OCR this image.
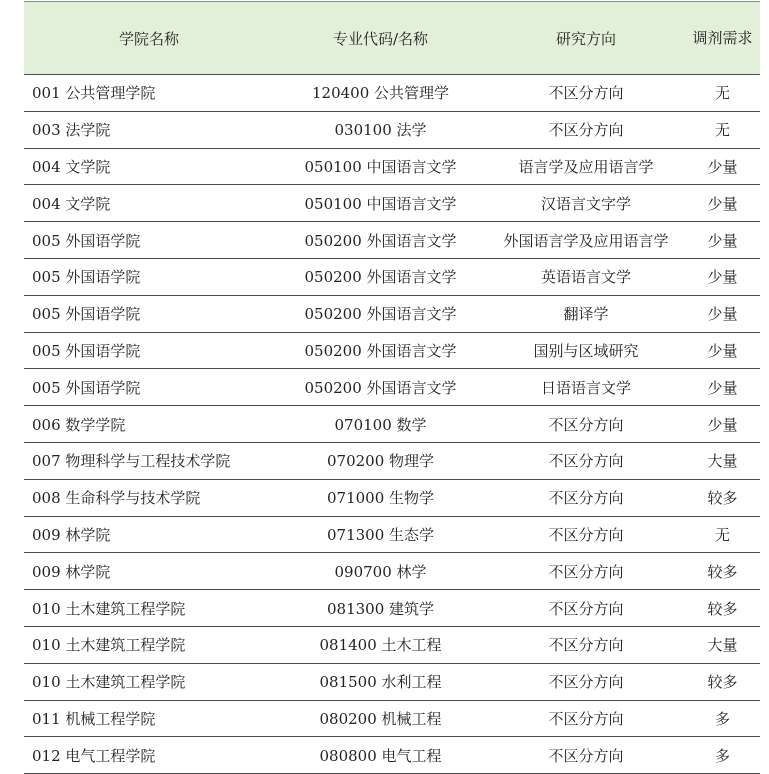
学院名称	专业代码/名称	研究方向	调剂需求
001 公共管理学院	120400 公共管理学	不区分方向	无
003 法学院	030100 法学	不区分方向	无
004 文学院	050100 中国语言文学	语言学及应用语言学	少量
004 文学院	050100 中国语言文学	汉语言文字学	少量
005 外国语学院	050200 外国语言文学	外国语言学及应用语言学	少量
005 外国语学院	050200 外国语言文学	英语语言文学	少量
005 外国语学院	050200 外国语言文学	翻译学	少量
005 外国语学院	050200 外国语言文学	国别与区域研究	少量
005 外国语学院	050200 外国语言文学	日语语言文学	少量
006 数学学院	070100 数学	不区分方向	少量
007 物理科学与工程技术学院	070200 物理学	不区分方向	大量
008 生命科学与技术学院	071000 生物学	不区分方向	较多
009 林学院	071300 生态学	不区分方向	无
009 林学院	090700 林学	不区分方向	较多
010 土木建筑工程学院	081300 建筑学	不区分方向	较多
010 土木建筑工程学院	081400 土木工程	不区分方向	大量
010 土木建筑工程学院	081500 水利工程	不区分方向	较多
011 机械工程学院	080200 机械工程	不区分方向	多
012 电气工程学院	080800 电气工程	不区分方向	多
